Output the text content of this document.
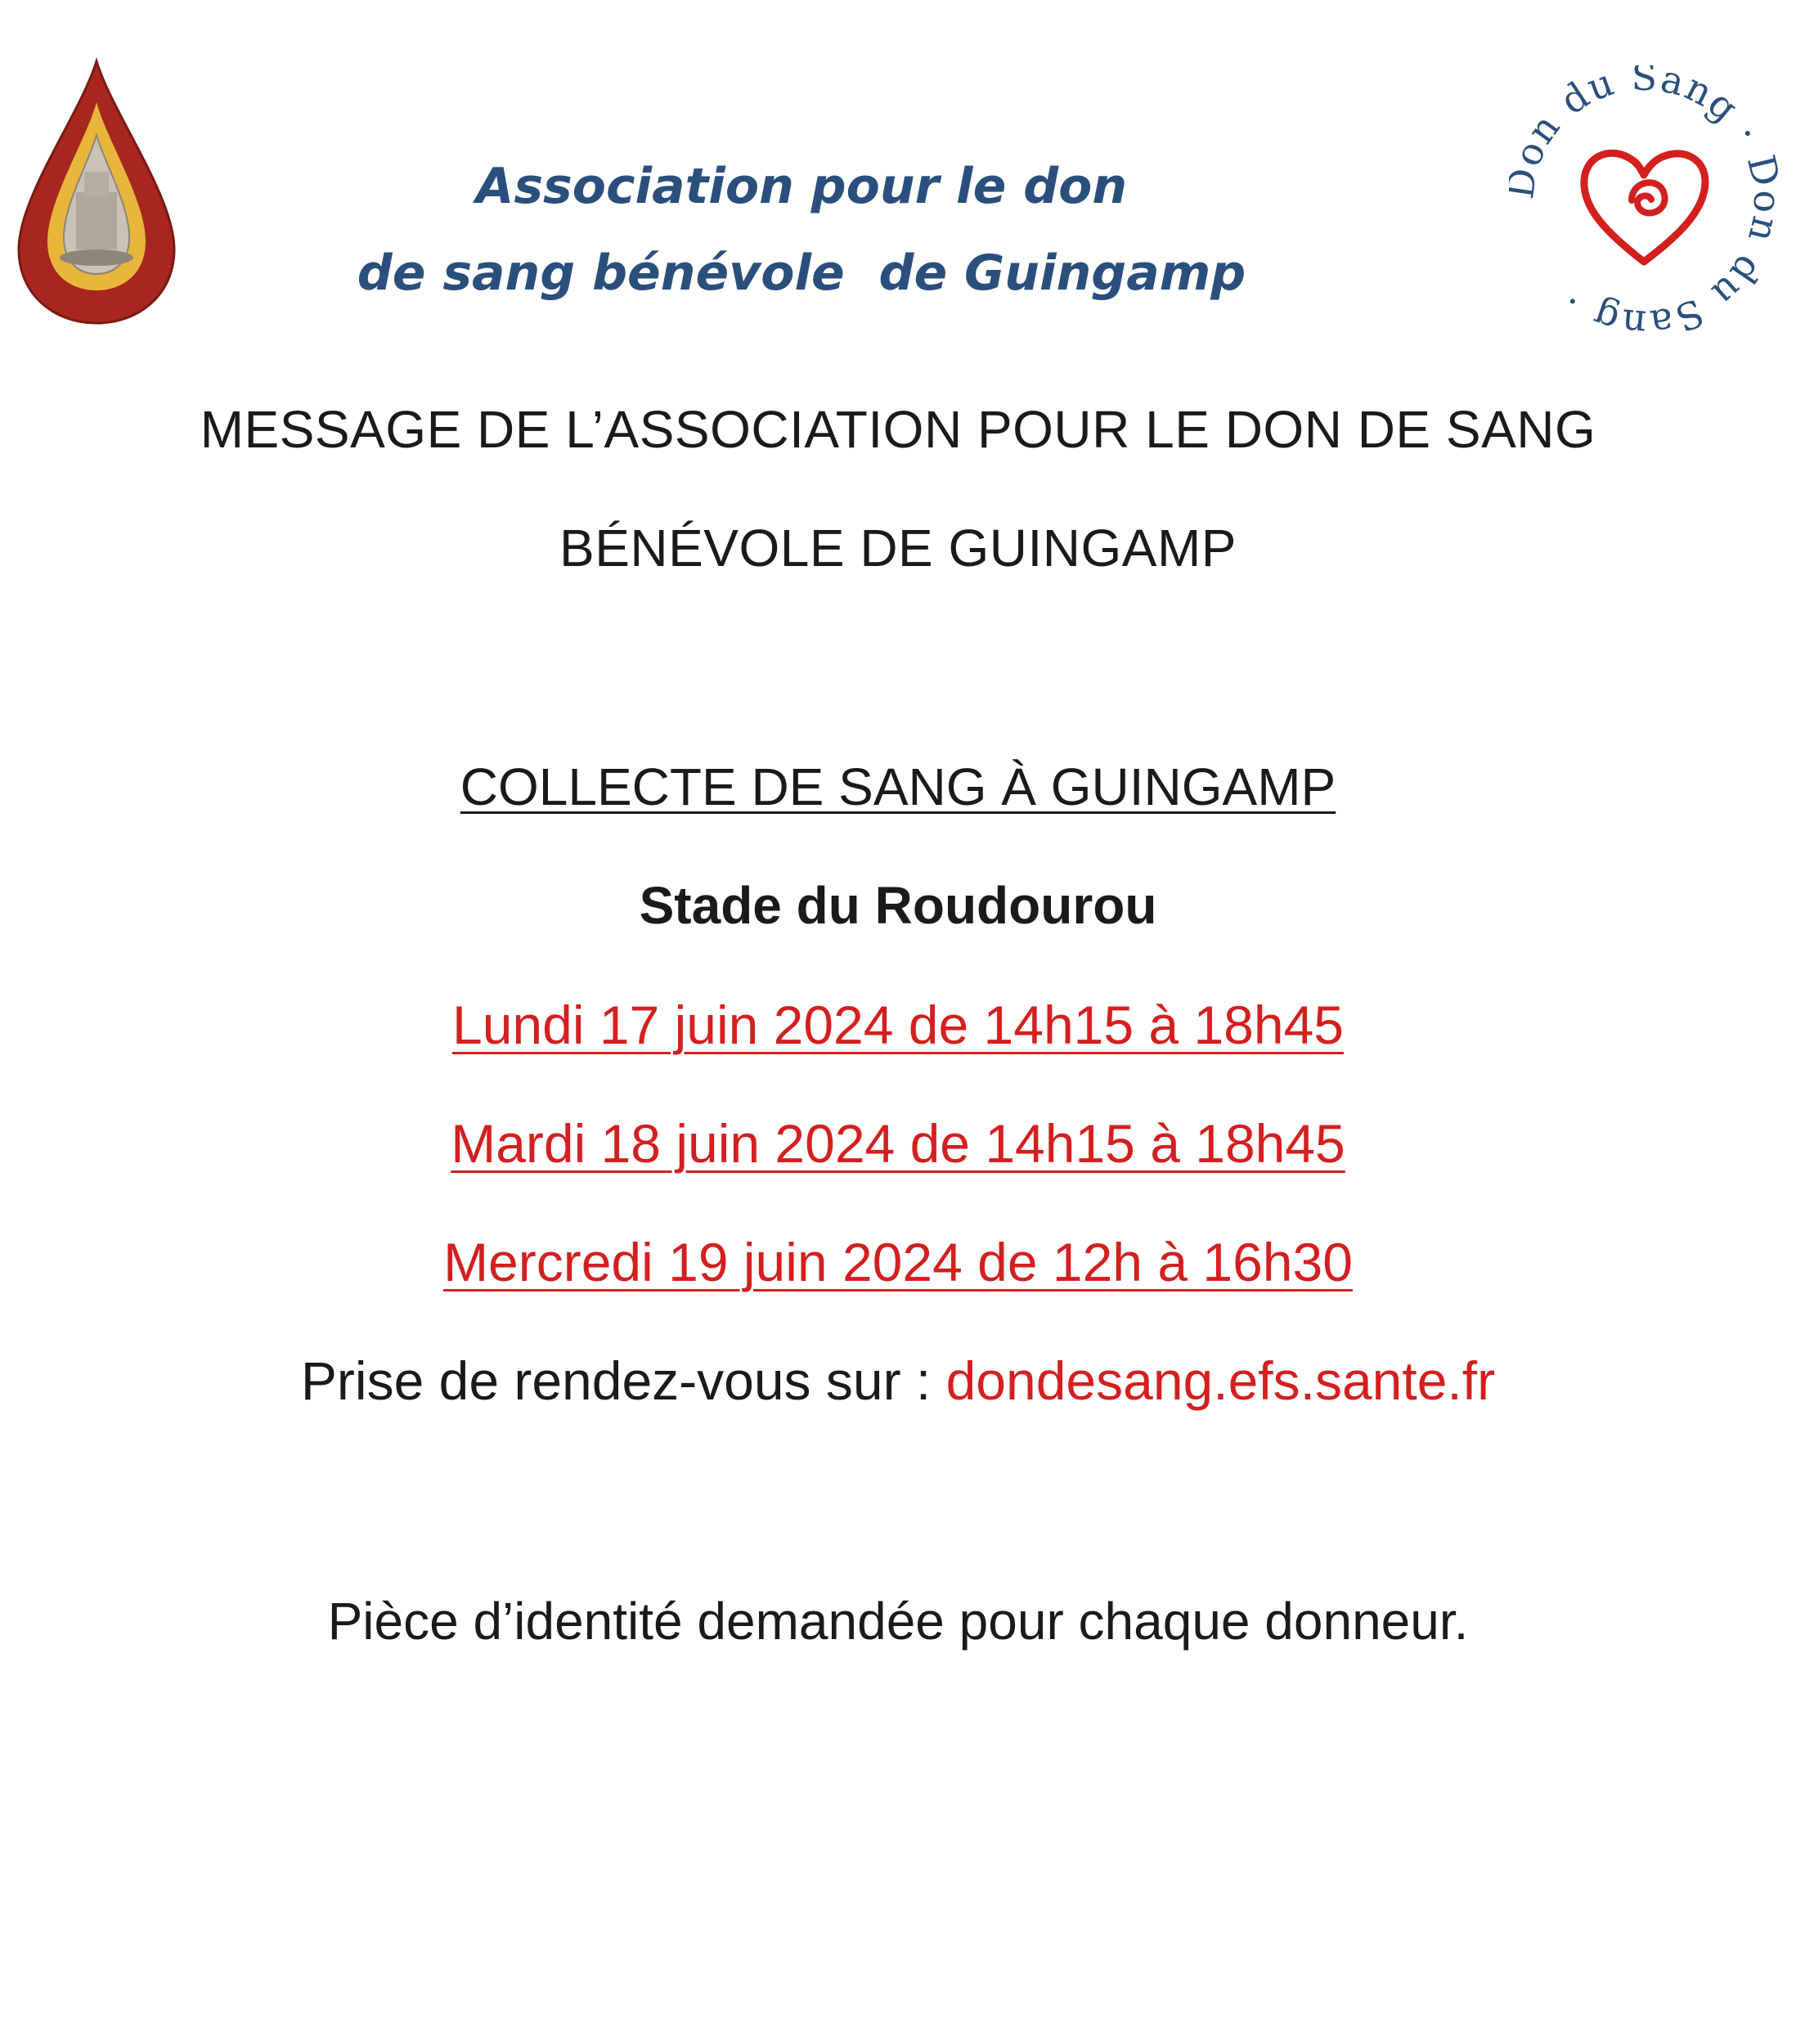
Association pour le don
de sang bénévole  de Guingamp
on du Sang · du Sang ·
MESSAGE DE L’ASSOCIATION POUR LE DON DE SANG
BÉNÉVOLE DE GUINGAMP
COLLECTE DE SANG À GUINGAMP
Stade du Roudourou
Lundi 17 juin 2024 de 14h15 à 18h45
Mardi 18 juin 2024 de 14h15 à 18h45
Mercredi 19 juin 2024 de 12h à 16h30
Prise de rendez-vous sur : dondesang.efs.sante.fr
Pièce d’identité demandée pour chaque donneur.
